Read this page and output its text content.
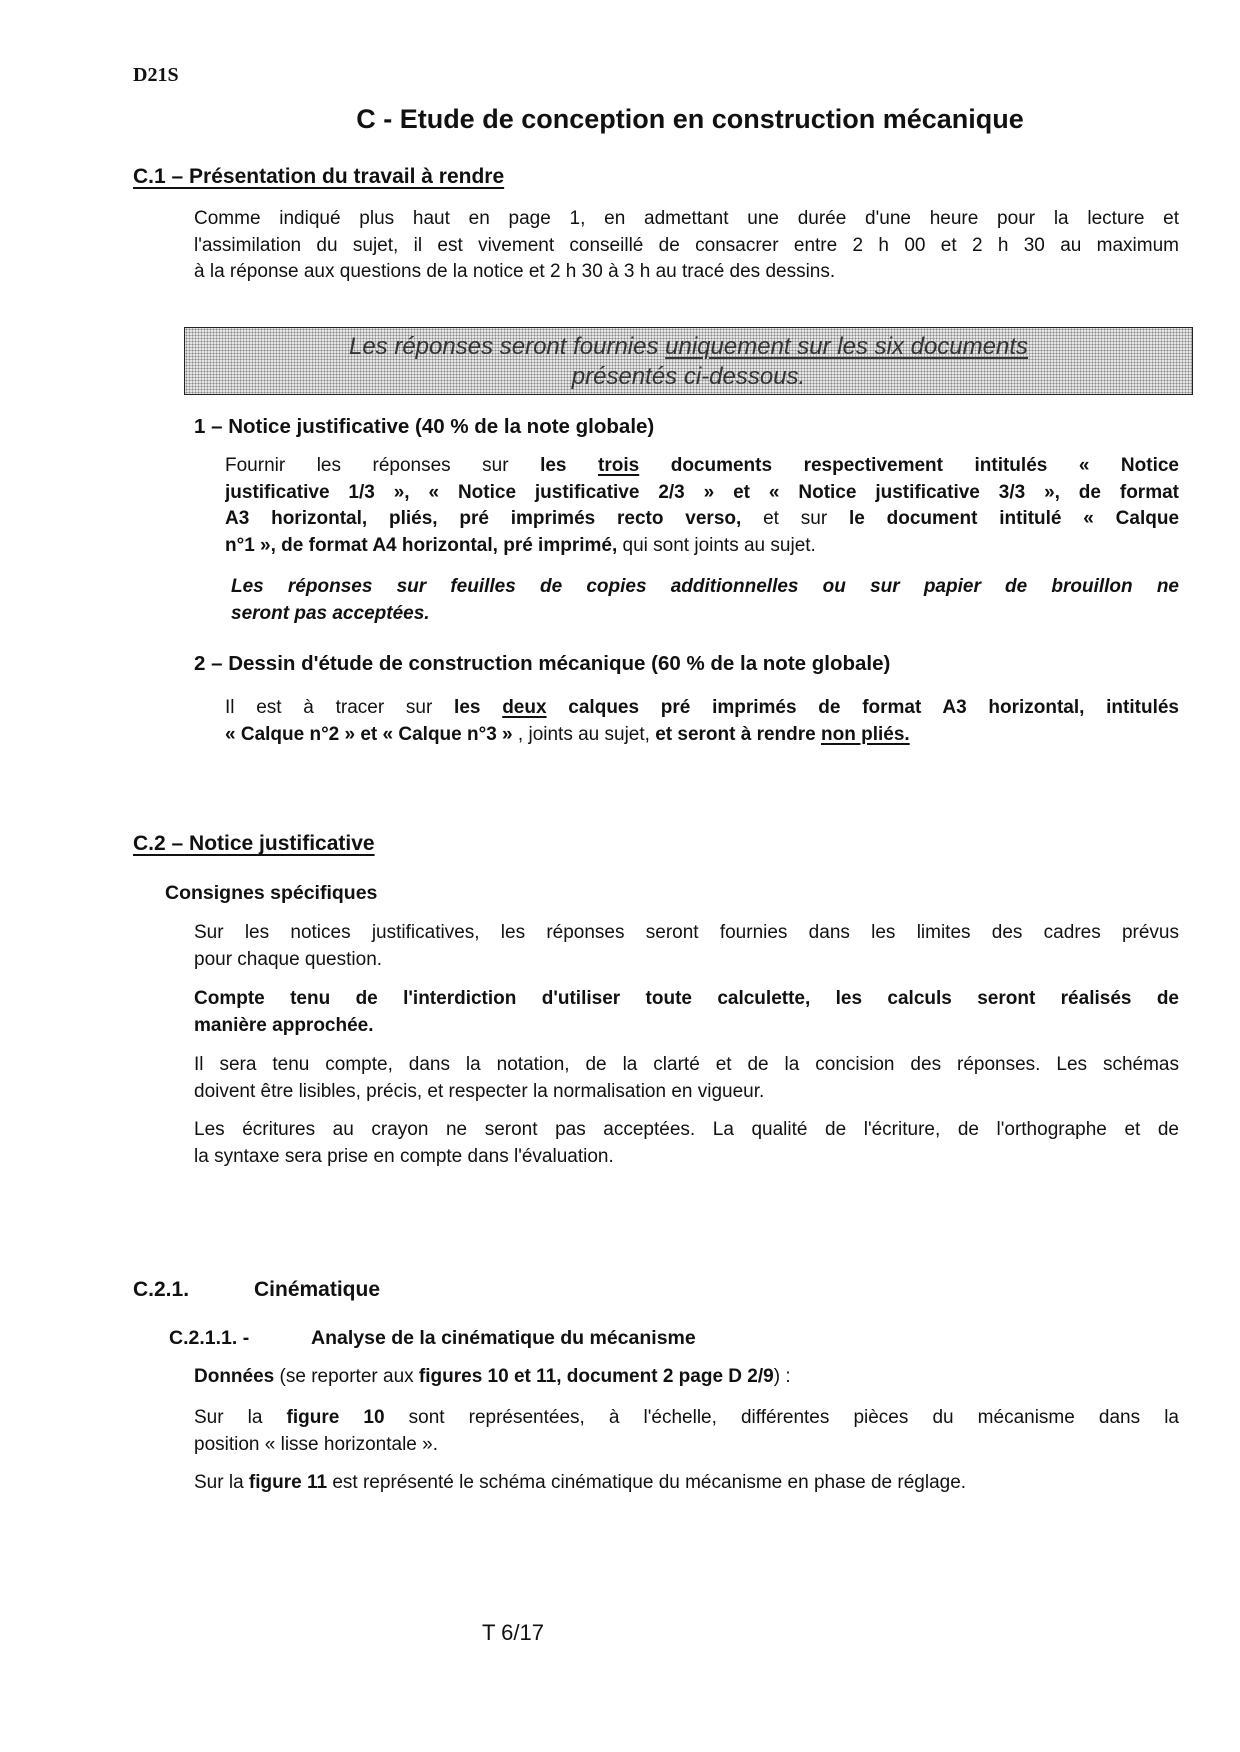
D21S
C - Etude de conception en construction mécanique
C.1 – Présentation du travail à rendre
Comme indiqué plus haut en page 1, en admettant une durée d'une heure pour la lecture et
l'assimilation du sujet, il est vivement conseillé de consacrer entre 2 h 00 et 2 h 30 au maximum
à la réponse aux questions de la notice et 2 h 30 à 3 h au tracé des dessins.
Les réponses seront fournies uniquement sur les six documents
présentés ci-dessous.
1 – Notice justificative (40 % de la note globale)
Fournir les réponses sur les trois documents respectivement intitulés « Notice
justificative 1/3 », « Notice justificative 2/3 » et « Notice justificative 3/3 », de format
A3 horizontal, pliés, pré imprimés recto verso, et sur le document intitulé « Calque
n°1 », de format A4 horizontal, pré imprimé, qui sont joints au sujet.
Les réponses sur feuilles de copies additionnelles ou sur papier de brouillon ne
seront pas acceptées.
2 – Dessin d'étude de construction mécanique (60 % de la note globale)
Il est à tracer sur les deux calques pré imprimés de format A3 horizontal, intitulés
« Calque n°2 » et « Calque n°3 » , joints au sujet, et seront à rendre non pliés.
C.2 – Notice justificative
Consignes spécifiques
Sur les notices justificatives, les réponses seront fournies dans les limites des cadres prévus
pour chaque question.
Compte tenu de l'interdiction d'utiliser toute calculette, les calculs seront réalisés de
manière approchée.
Il sera tenu compte, dans la notation, de la clarté et de la concision des réponses. Les schémas
doivent être lisibles, précis, et respecter la normalisation en vigueur.
Les écritures au crayon ne seront pas acceptées. La qualité de l'écriture, de l'orthographe et de
la syntaxe sera prise en compte dans l'évaluation.
C.2.1.	Cinématique
C.2.1.1. -	Analyse de la cinématique du mécanisme
Données (se reporter aux figures 10 et 11, document 2 page D 2/9) :
Sur la figure 10 sont représentées, à l'échelle, différentes pièces du mécanisme dans la
position « lisse horizontale ».
Sur la figure 11 est représenté le schéma cinématique du mécanisme en phase de réglage.
T 6/17
